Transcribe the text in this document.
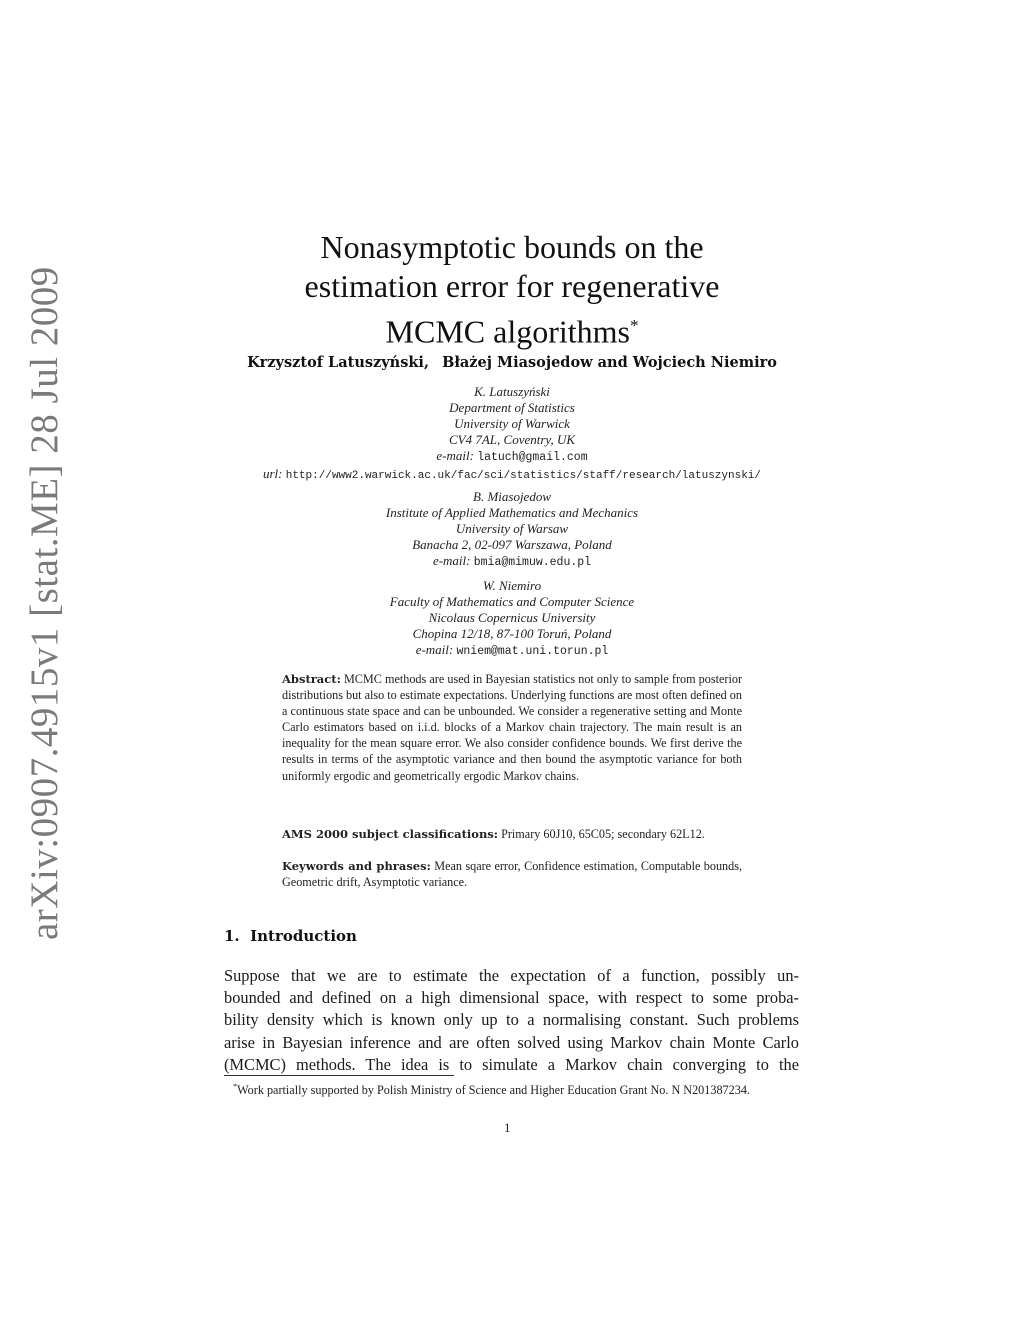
arXiv:0907.4915v1 [stat.ME] 28 Jul 2009
Nonasymptotic bounds on the
estimation error for regenerative
MCMC algorithms*
Krzysztof Latuszyński, Błażej Miasojedow and Wojciech Niemiro
K. Latuszyński
Department of Statistics
University of Warwick
CV4 7AL, Coventry, UK
e-mail: latuch@gmail.com
url: http://www2.warwick.ac.uk/fac/sci/statistics/staff/research/latuszynski/
B. Miasojedow
Institute of Applied Mathematics and Mechanics
University of Warsaw
Banacha 2, 02-097 Warszawa, Poland
e-mail: bmia@mimuw.edu.pl
W. Niemiro
Faculty of Mathematics and Computer Science
Nicolaus Copernicus University
Chopina 12/18, 87-100 Toruń, Poland
e-mail: wniem@mat.uni.torun.pl
Abstract: MCMC methods are used in Bayesian statistics not only to sample from posterior distributions but also to estimate expectations. Underlying functions are most often defined on a continuous state space and can be unbounded. We consider a regenerative setting and Monte Carlo estimators based on i.i.d. blocks of a Markov chain trajectory. The main result is an inequality for the mean square error. We also consider confidence bounds. We first derive the results in terms of the asymptotic variance and then bound the asymptotic variance for both uniformly ergodic and geometrically ergodic Markov chains.
AMS 2000 subject classifications: Primary 60J10, 65C05; secondary 62L12.
Keywords and phrases: Mean sqare error, Confidence estimation, Computable bounds, Geometric drift, Asymptotic variance.
1. Introduction
Suppose that we are to estimate the expectation of a function, possibly un-
bounded and defined on a high dimensional space, with respect to some proba-
bility density which is known only up to a normalising constant. Such problems
arise in Bayesian inference and are often solved using Markov chain Monte Carlo
(MCMC) methods. The idea is to simulate a Markov chain converging to the
*Work partially supported by Polish Ministry of Science and Higher Education Grant No. N N201387234.
1
